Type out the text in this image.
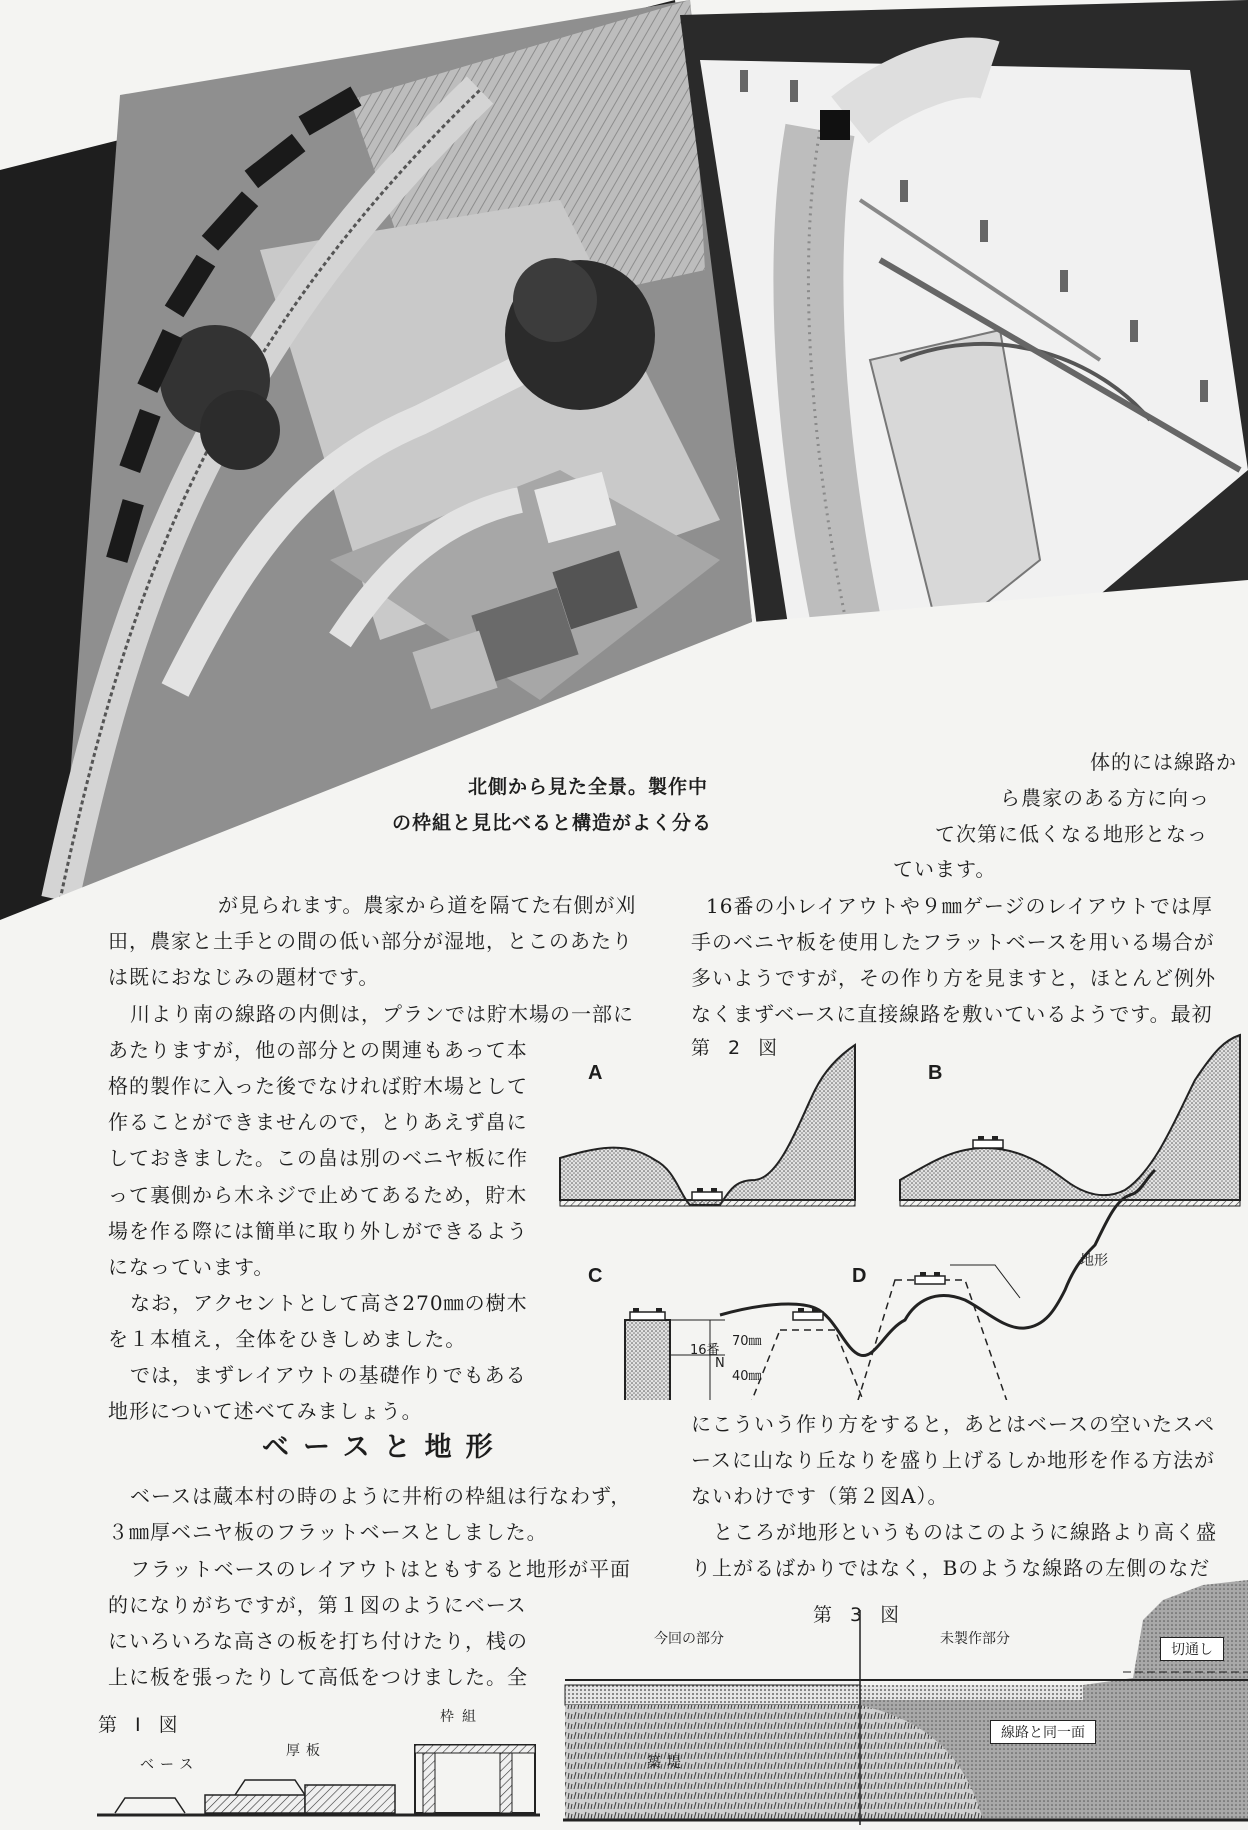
北側から見た全景。製作中
の枠組と見比べると構造がよく分る
体的には線路か
ら農家のある方に向っ
て次第に低くなる地形となっ
ています。
16番の小レイアウトや９㎜ゲージのレイアウトでは厚
手のベニヤ板を使用したフラットベースを用いる場合が
多いようですが，その作り方を見ますと，ほとんど例外
なくまずベースに直接線路を敷いているようです。最初
が見られます。農家から道を隔てた右側が刈
田，農家と土手との間の低い部分が湿地，とこのあたり
は既におなじみの題材です。
川より南の線路の内側は，プランでは貯木場の一部に
あたりますが，他の部分との関連もあって本
格的製作に入った後でなければ貯木場として
作ることができませんので，とりあえず畠に
しておきました。この畠は別のベニヤ板に作
って裏側から木ネジで止めてあるため，貯木
場を作る際には簡単に取り外しができるよう
になっています。
なお，アクセントとして高さ270㎜の樹木
を１本植え，全体をひきしめました。
では，まずレイアウトの基礎作りでもある
地形について述べてみましょう。
ベースと地形
ベースは蔵本村の時のように井桁の枠組は行なわず，
３㎜厚ベニヤ板のフラットベースとしました。
フラットベースのレイアウトはともすると地形が平面
的になりがちですが，第１図のようにベース
にいろいろな高さの板を打ち付けたり，桟の
上に板を張ったりして高低をつけました。全
第 2 図
A	B
C	D
16番
N
70㎜
40㎜
地形
にこういう作り方をすると，あとはベースの空いたスペ
ースに山なり丘なりを盛り上げるしか地形を作る方法が
ないわけです（第２図A）。
ところが地形というものはこのように線路より高く盛
り上がるばかりではなく，Bのような線路の左側のなだ
第 3 図
今回の部分	未製作部分
切通し
線路と同一面
築堤
第 I 図
ベース
厚板
枠組
